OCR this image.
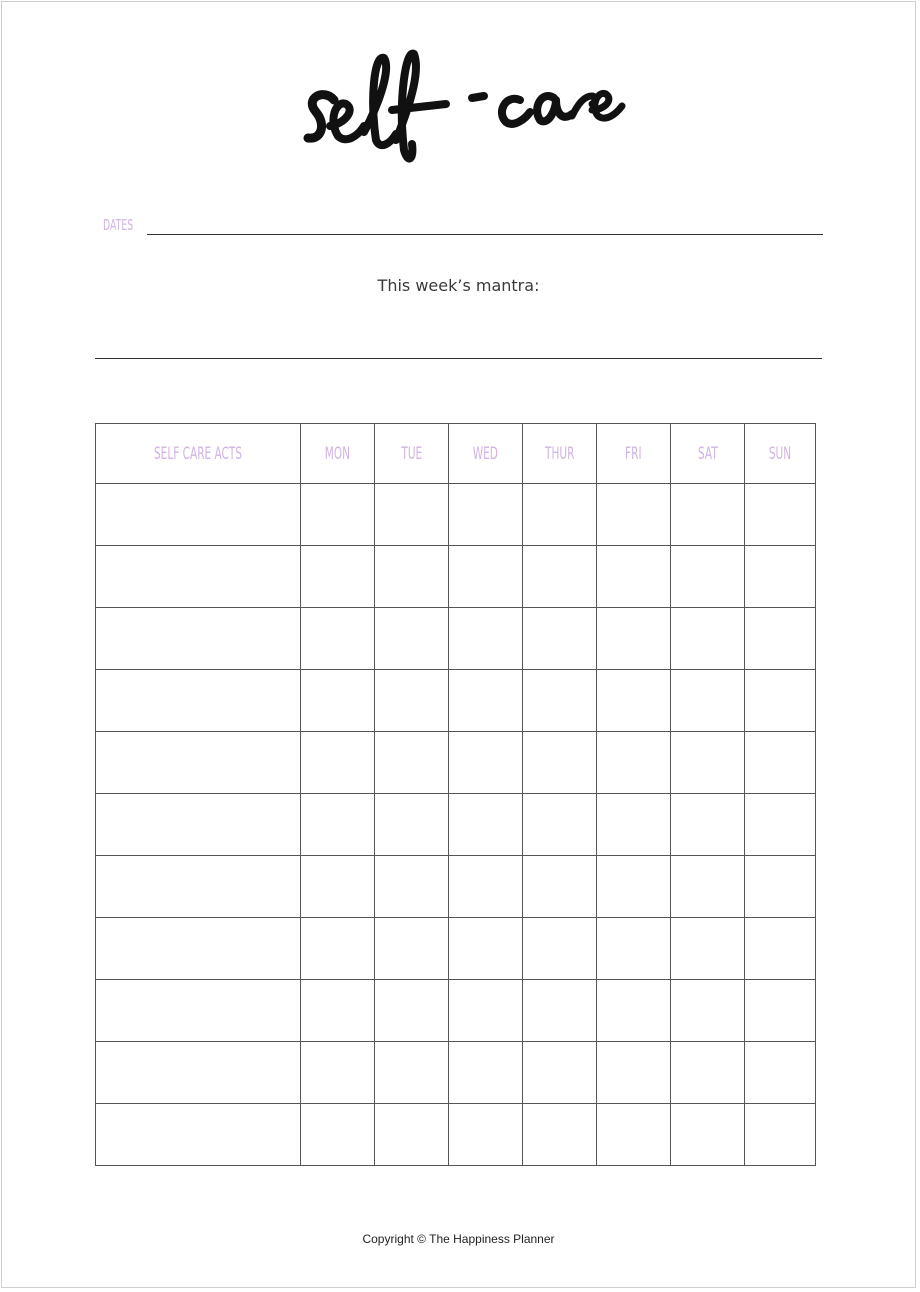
DATES
This week’s mantra:
SELF CARE ACTS	MON	TUE	WED	THUR	FRI	SAT	SUN

Copyright © The Happiness Planner
